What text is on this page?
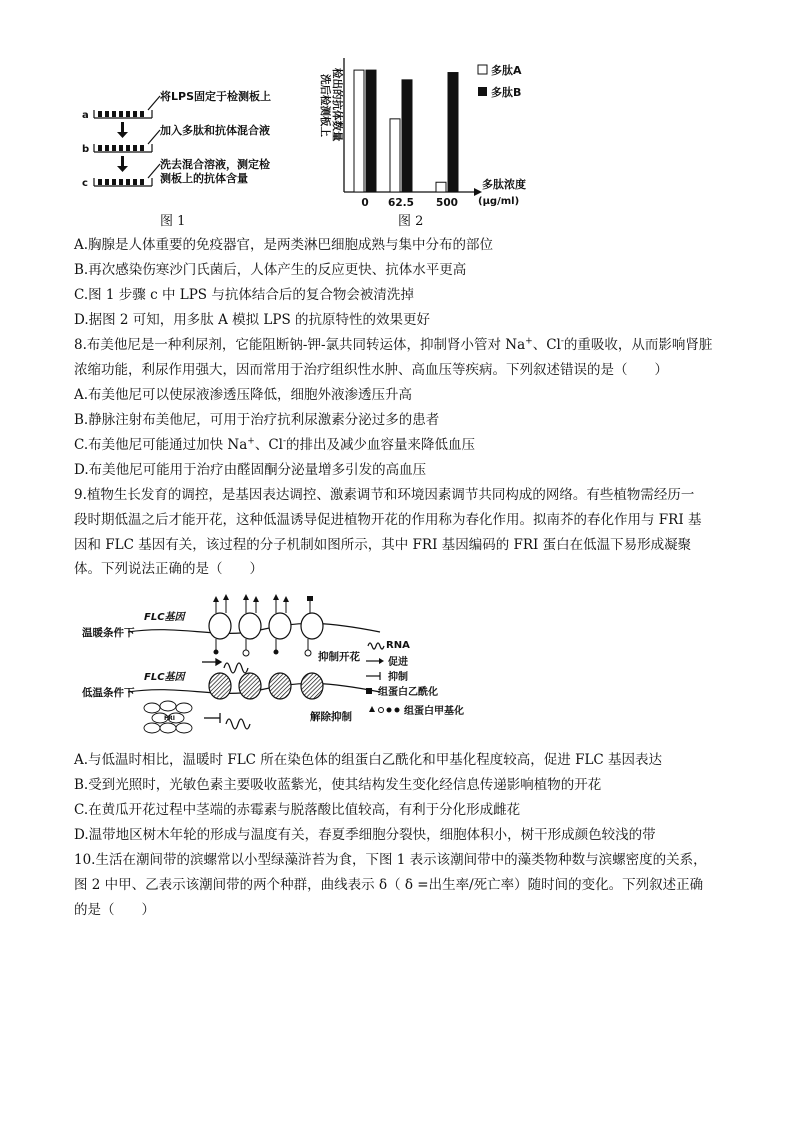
a
b
c
将LPS固定于检测板上
加入多肽和抗体混合液
洗去混合溶液，测定检
测板上的抗体含量
图 1
洗后检测板上 检出的抗体数量
0 62.5 500
多肽A
多肽B
多肽浓度
(μg/ml)
图 2
A.胸腺是人体重要的免疫器官，是两类淋巴细胞成熟与集中分布的部位
B.再次感染伤寒沙门氏菌后，人体产生的反应更快、抗体水平更高
C.图 1 步骤 c 中 LPS 与抗体结合后的复合物会被清洗掉
D.据图 2 可知，用多肽 A 模拟 LPS 的抗原特性的效果更好
8.布美他尼是一种利尿剂，它能阻断钠-钾-氯共同转运体，抑制肾小管对 Na+、Cl-的重吸收，从而影响肾脏
浓缩功能，利尿作用强大，因而常用于治疗组织性水肿、高血压等疾病。下列叙述错误的是（　　）
A.布美他尼可以使尿液渗透压降低，细胞外液渗透压升高
B.静脉注射布美他尼，可用于治疗抗利尿激素分泌过多的患者
C.布美他尼可能通过加快 Na+、Cl-的排出及减少血容量来降低血压
D.布美他尼可能用于治疗由醛固酮分泌量增多引发的高血压
9.植物生长发育的调控，是基因表达调控、激素调节和环境因素调节共同构成的网络。有些植物需经历一
段时期低温之后才能开花，这种低温诱导促进植物开花的作用称为春化作用。拟南芥的春化作用与 FRI 基
因和 FLC 基因有关，该过程的分子机制如图所示，其中 FRI 基因编码的 FRI 蛋白在低温下易形成凝聚
体。下列说法正确的是（　　）
温暖条件下
低温条件下
FLC基因
FLC基因
FRI
抑制开花
解除抑制
RNA
促进
抑制
组蛋白乙酰化
组蛋白甲基化
A.与低温时相比，温暖时 FLC 所在染色体的组蛋白乙酰化和甲基化程度较高，促进 FLC 基因表达
B.受到光照时，光敏色素主要吸收蓝紫光，使其结构发生变化经信息传递影响植物的开花
C.在黄瓜开花过程中茎端的赤霉素与脱落酸比值较高，有利于分化形成雌花
D.温带地区树木年轮的形成与温度有关，春夏季细胞分裂快，细胞体积小，树干形成颜色较浅的带
10.生活在潮间带的滨螺常以小型绿藻浒苔为食，下图 1 表示该潮间带中的藻类物种数与滨螺密度的关系，
图 2 中甲、乙表示该潮间带的两个种群，曲线表示 δ（ δ =出生率/死亡率）随时间的变化。下列叙述正确
的是（　　）
